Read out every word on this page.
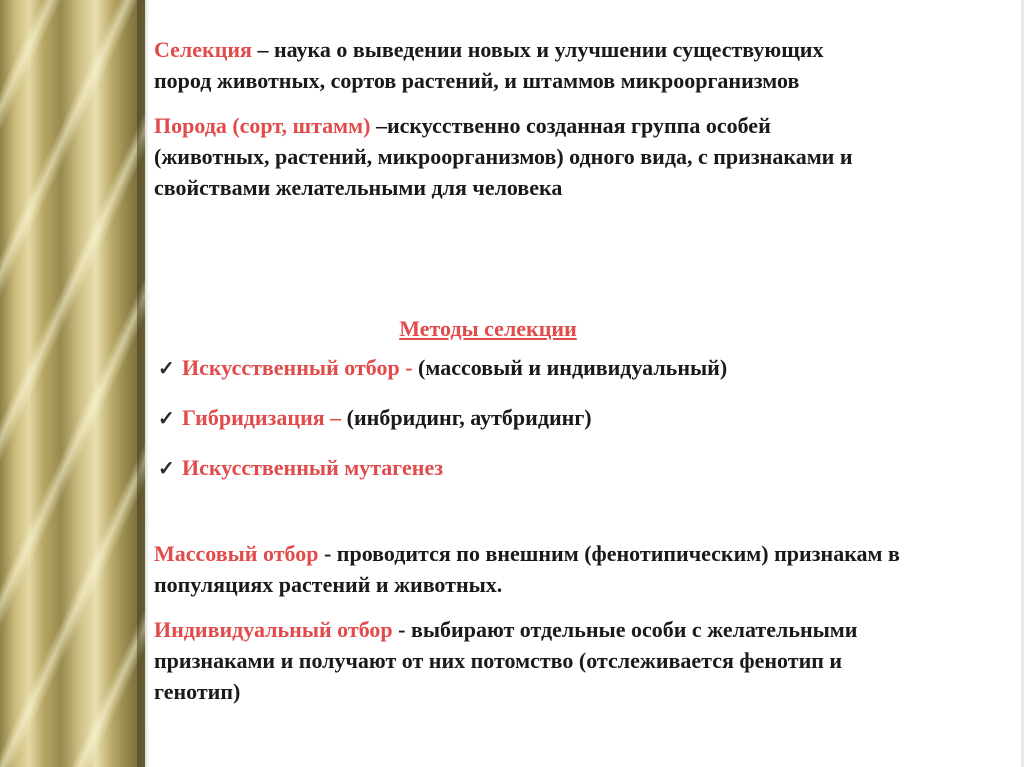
Селекция – наука о выведении новых и улучшении существующих пород животных, сортов растений, и штаммов микроорганизмов

Порода (сорт, штамм) –искусственно созданная группа особей (животных, растений, микроорганизмов) одного вида, с признаками и свойствами желательными для человека

Методы селекции

✓ Искусственный отбор - (массовый и индивидуальный)

✓ Гибридизация – (инбридинг, аутбридинг)

✓ Искусственный мутагенез

Массовый отбор - проводится по внешним (фенотипическим) признакам в популяциях растений и животных.

Индивидуальный отбор - выбирают отдельные особи с желательными признаками и получают от них потомство (отслеживается фенотип и генотип)
